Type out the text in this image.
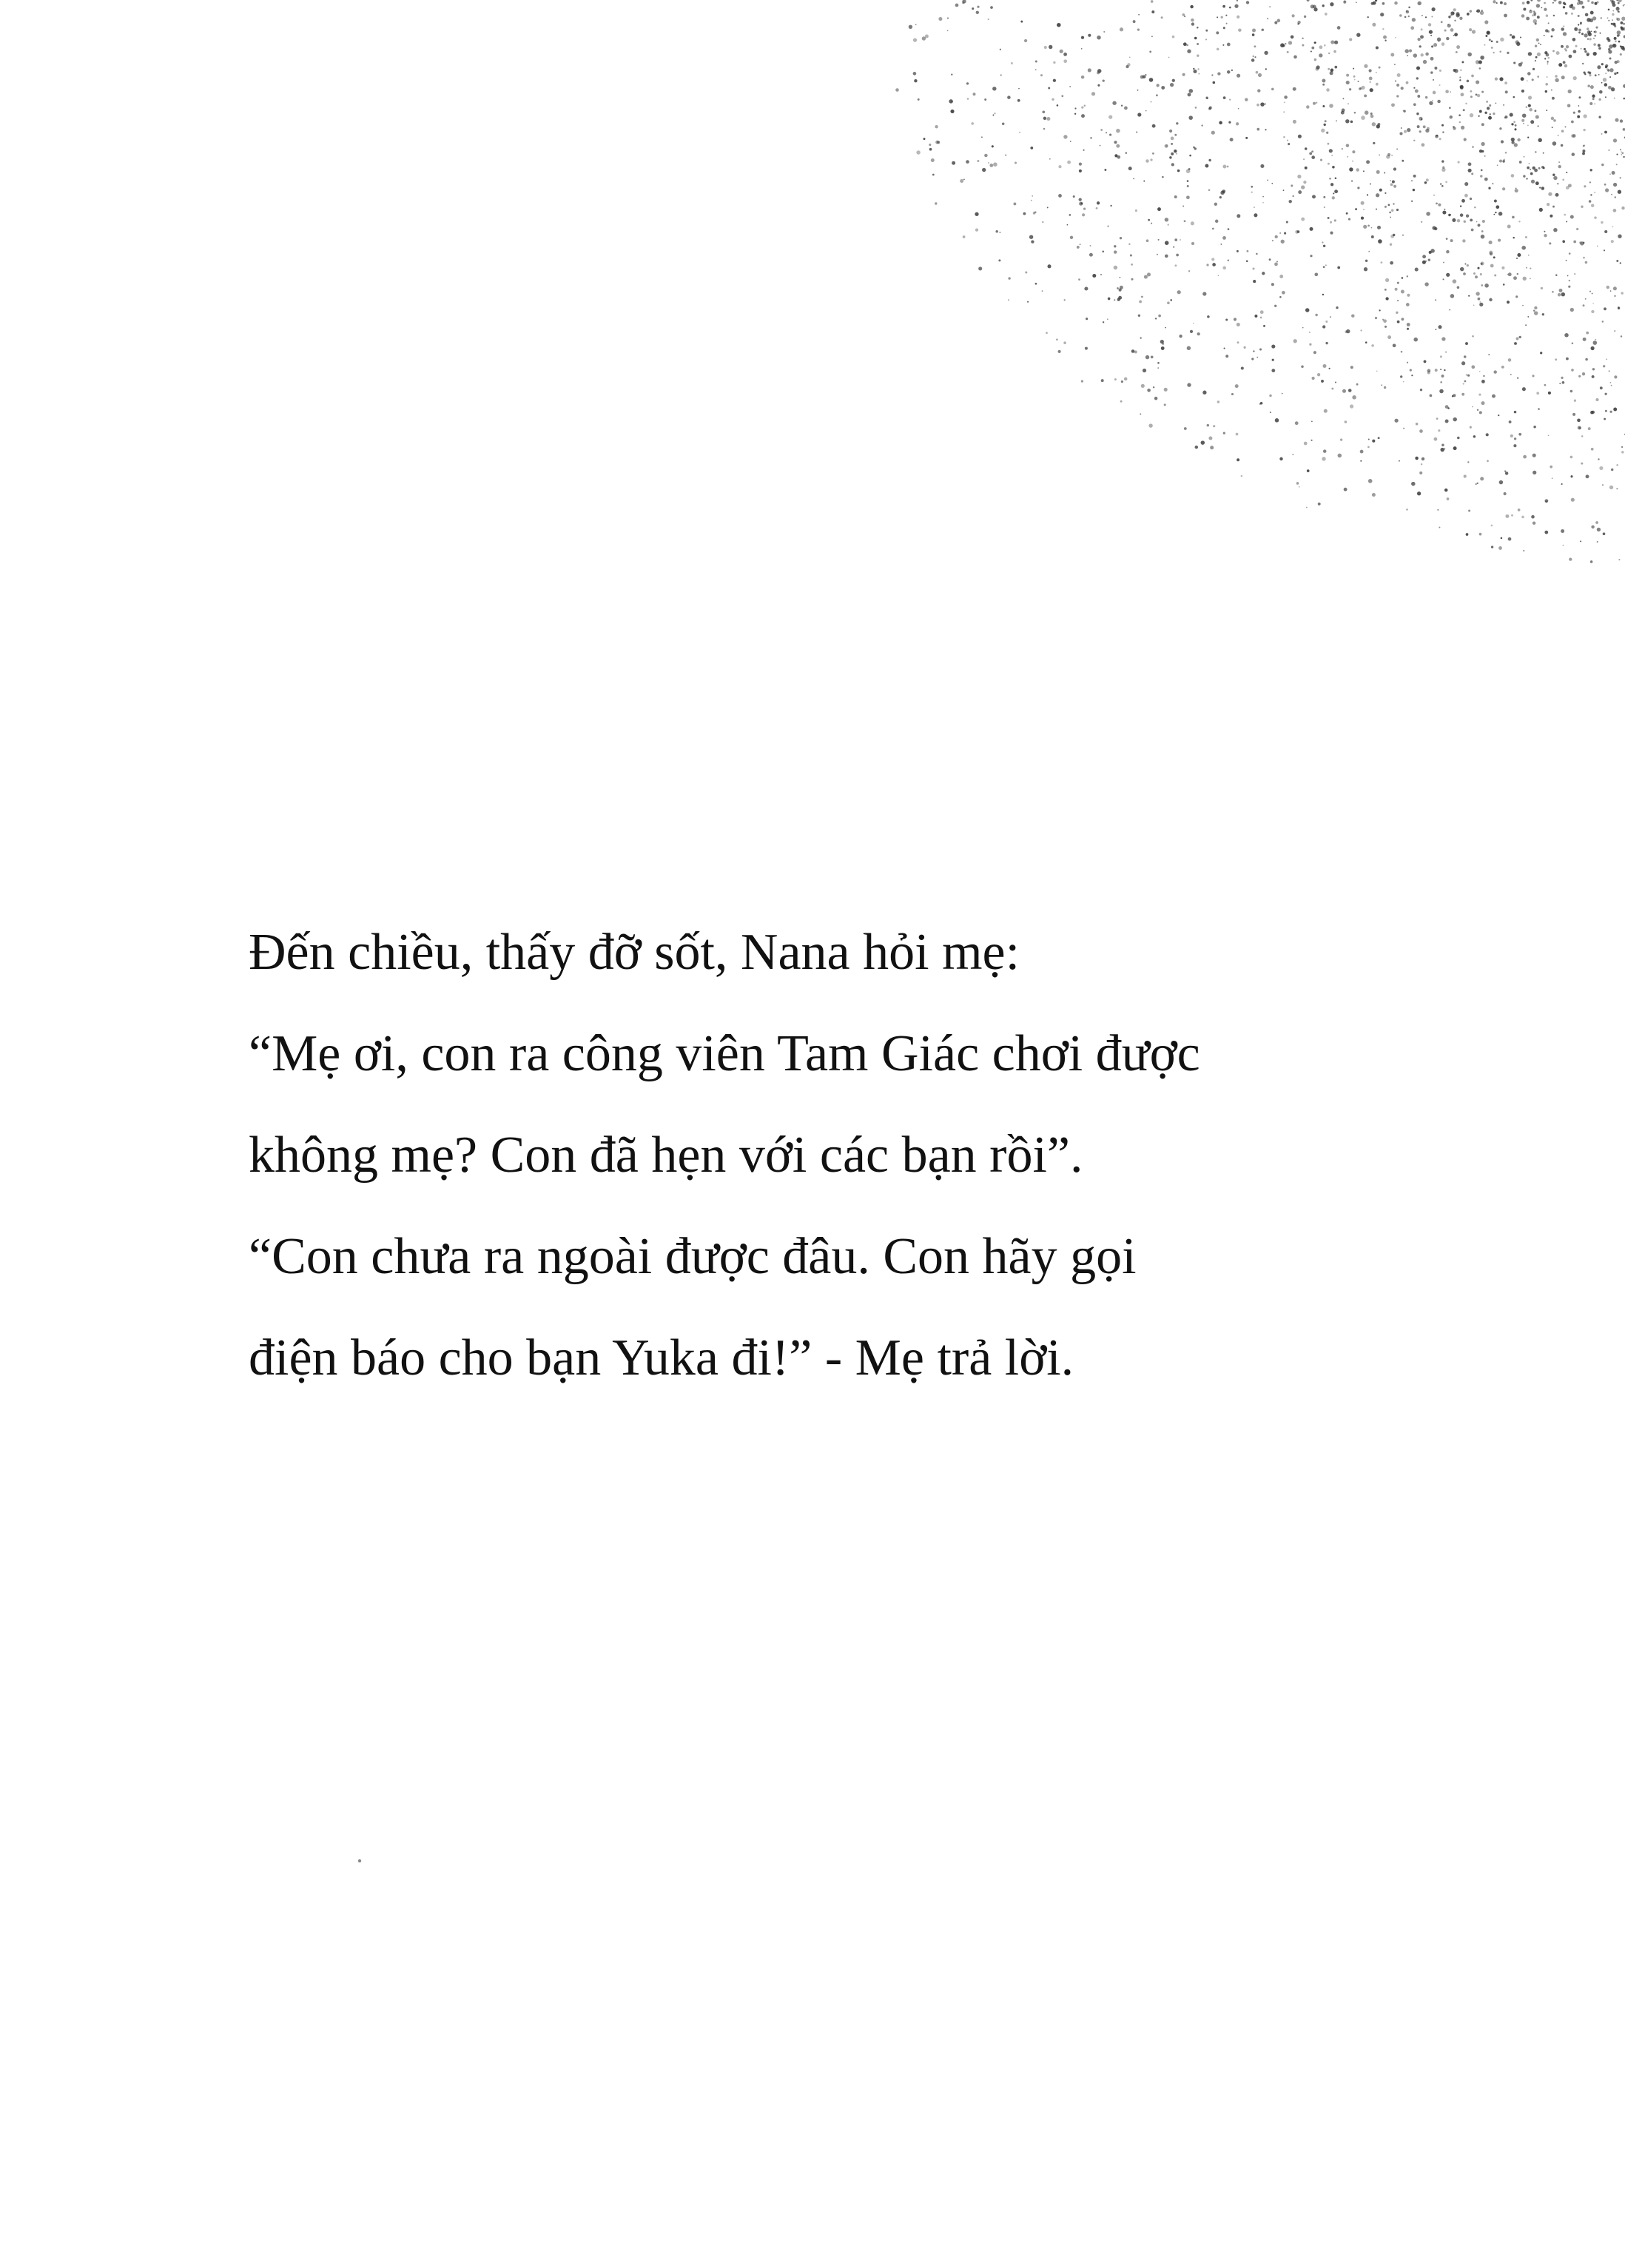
Đến chiều, thấy đỡ sốt, Nana hỏi mẹ:
“Mẹ ơi, con ra công viên Tam Giác chơi được
không mẹ? Con đã hẹn với các bạn rồi”.
“Con chưa ra ngoài được đâu. Con hãy gọi
điện báo cho bạn Yuka đi!” - Mẹ trả lời.
